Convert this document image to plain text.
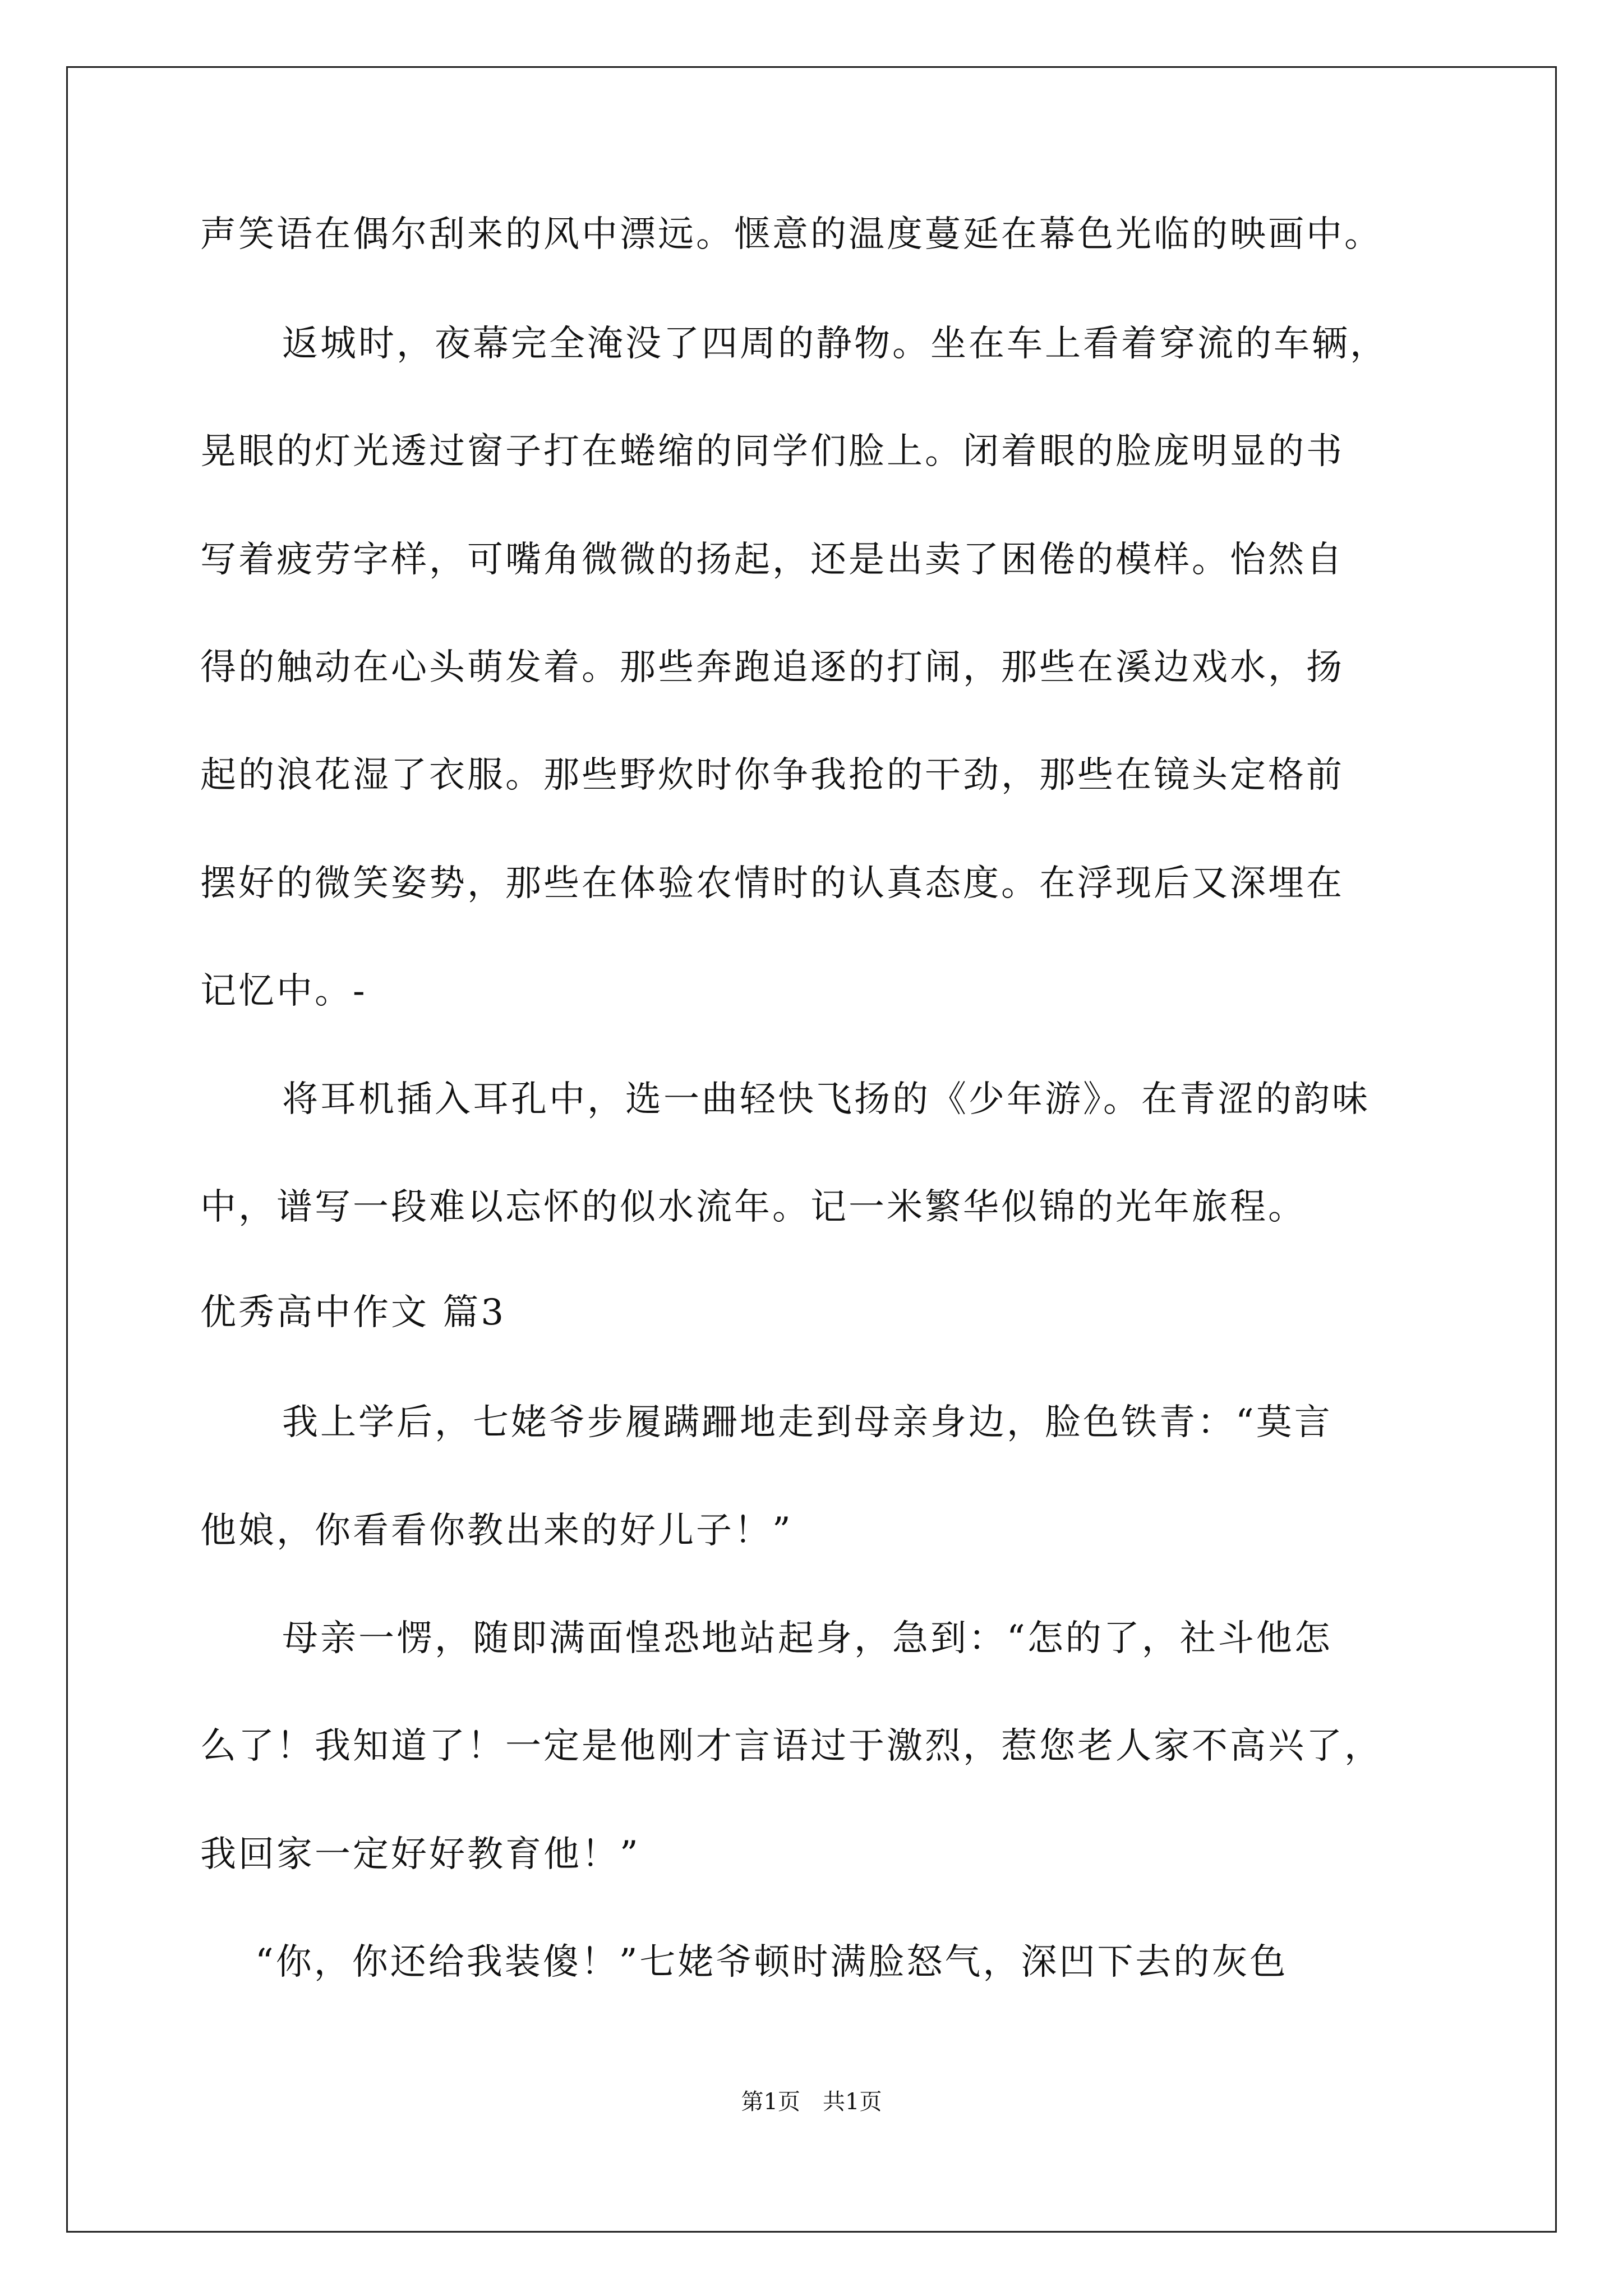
声笑语在偶尔刮来的风中漂远。惬意的温度蔓延在幕色光临的映画中。
返城时，夜幕完全淹没了四周的静物。坐在车上看着穿流的车辆，
晃眼的灯光透过窗子打在蜷缩的同学们脸上。闭着眼的脸庞明显的书
写着疲劳字样，可嘴角微微的扬起，还是出卖了困倦的模样。怡然自
得的触动在心头萌发着。那些奔跑追逐的打闹，那些在溪边戏水，扬
起的浪花湿了衣服。那些野炊时你争我抢的干劲，那些在镜头定格前
摆好的微笑姿势，那些在体验农情时的认真态度。在浮现后又深埋在
记忆中。-
将耳机插入耳孔中，选一曲轻快飞扬的《少年游》。在青涩的韵味
中，谱写一段难以忘怀的似水流年。记一米繁华似锦的光年旅程。
优秀高中作文 篇3
我上学后，七姥爷步履蹒跚地走到母亲身边，脸色铁青：“莫言
他娘，你看看你教出来的好儿子！”
母亲一愣，随即满面惶恐地站起身，急到：“怎的了，社斗他怎
么了！我知道了！一定是他刚才言语过于激烈，惹您老人家不高兴了，
我回家一定好好教育他！”
“你，你还给我装傻！”七姥爷顿时满脸怒气，深凹下去的灰色
第1页　共1页
